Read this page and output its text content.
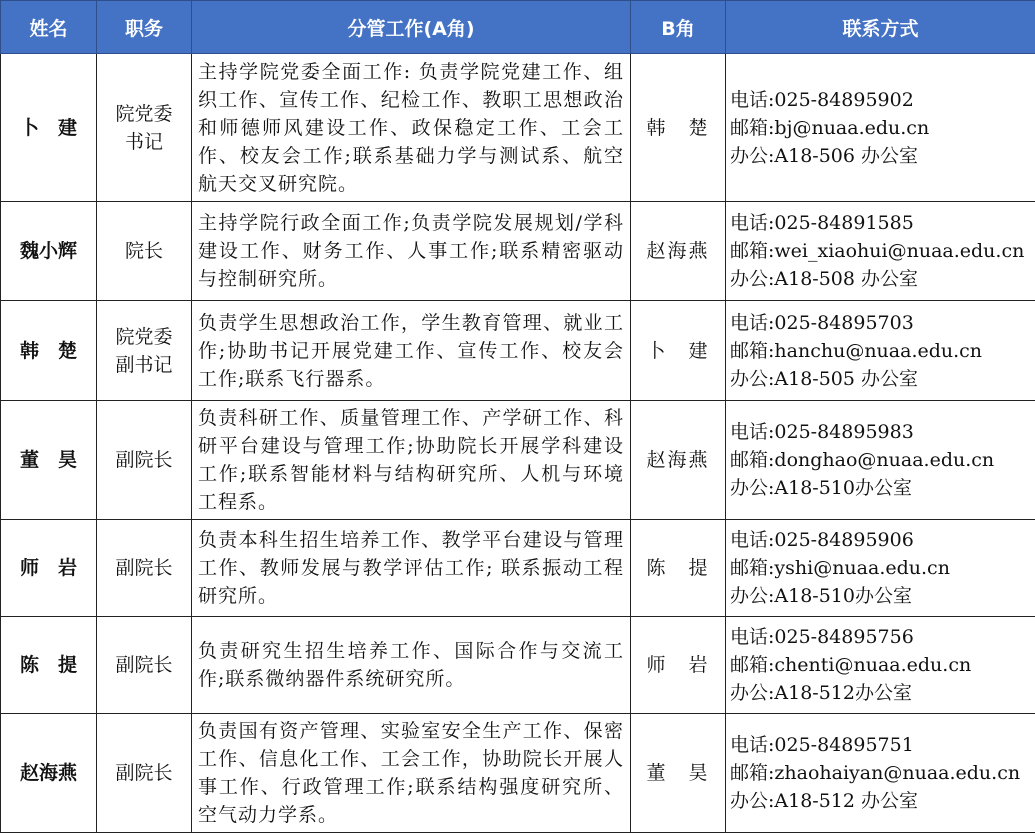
姓名	职务	分管工作(A角)	B角	联系方式
卜　建	院党委书记	主持学院党委全面工作: 负责学院党建工作、组织工作、宣传工作、纪检工作、教职工思想政治和师德师风建设工作、政保稳定工作、工会工作、校友会工作;联系基础力学与测试系、航空航天交叉研究院。	韩　楚	电话:025-84895902
邮箱:bj@nuaa.edu.cn
办公:A18-506 办公室

魏小辉	院长	主持学院行政全面工作;负责学院发展规划/学科建设工作、财务工作、人事工作;联系精密驱动与控制研究所。	赵海燕	电话:025-84891585
邮箱:wei_xiaohui@nuaa.edu.cn
办公:A18-508 办公室

韩　楚	院党委副书记	负责学生思想政治工作，学生教育管理、就业工作;协助书记开展党建工作、宣传工作、校友会工作;联系飞行器系。	卜　建	电话:025-84895703
邮箱:hanchu@nuaa.edu.cn
办公:A18-505 办公室

董　昊	副院长	负责科研工作、质量管理工作、产学研工作、科研平台建设与管理工作;协助院长开展学科建设工作;联系智能材料与结构研究所、人机与环境工程系。	赵海燕	电话:025-84895983
邮箱:donghao@nuaa.edu.cn
办公:A18-510办公室

师　岩	副院长	负责本科生招生培养工作、教学平台建设与管理工作、教师发展与教学评估工作; 联系振动工程研究所。	陈　提	电话:025-84895906
邮箱:yshi@nuaa.edu.cn
办公:A18-510办公室

陈　提	副院长	负责研究生招生培养工作、国际合作与交流工作;联系微纳器件系统研究所。	师　岩	电话:025-84895756
邮箱:chenti@nuaa.edu.cn
办公:A18-512办公室

赵海燕	副院长	负责国有资产管理、实验室安全生产工作、保密工作、信息化工作、工会工作，协助院长开展人事工作、行政管理工作;联系结构强度研究所、空气动力学系。	董　昊	电话:025-84895751
邮箱:zhaohaiyan@nuaa.edu.cn
办公:A18-512 办公室
